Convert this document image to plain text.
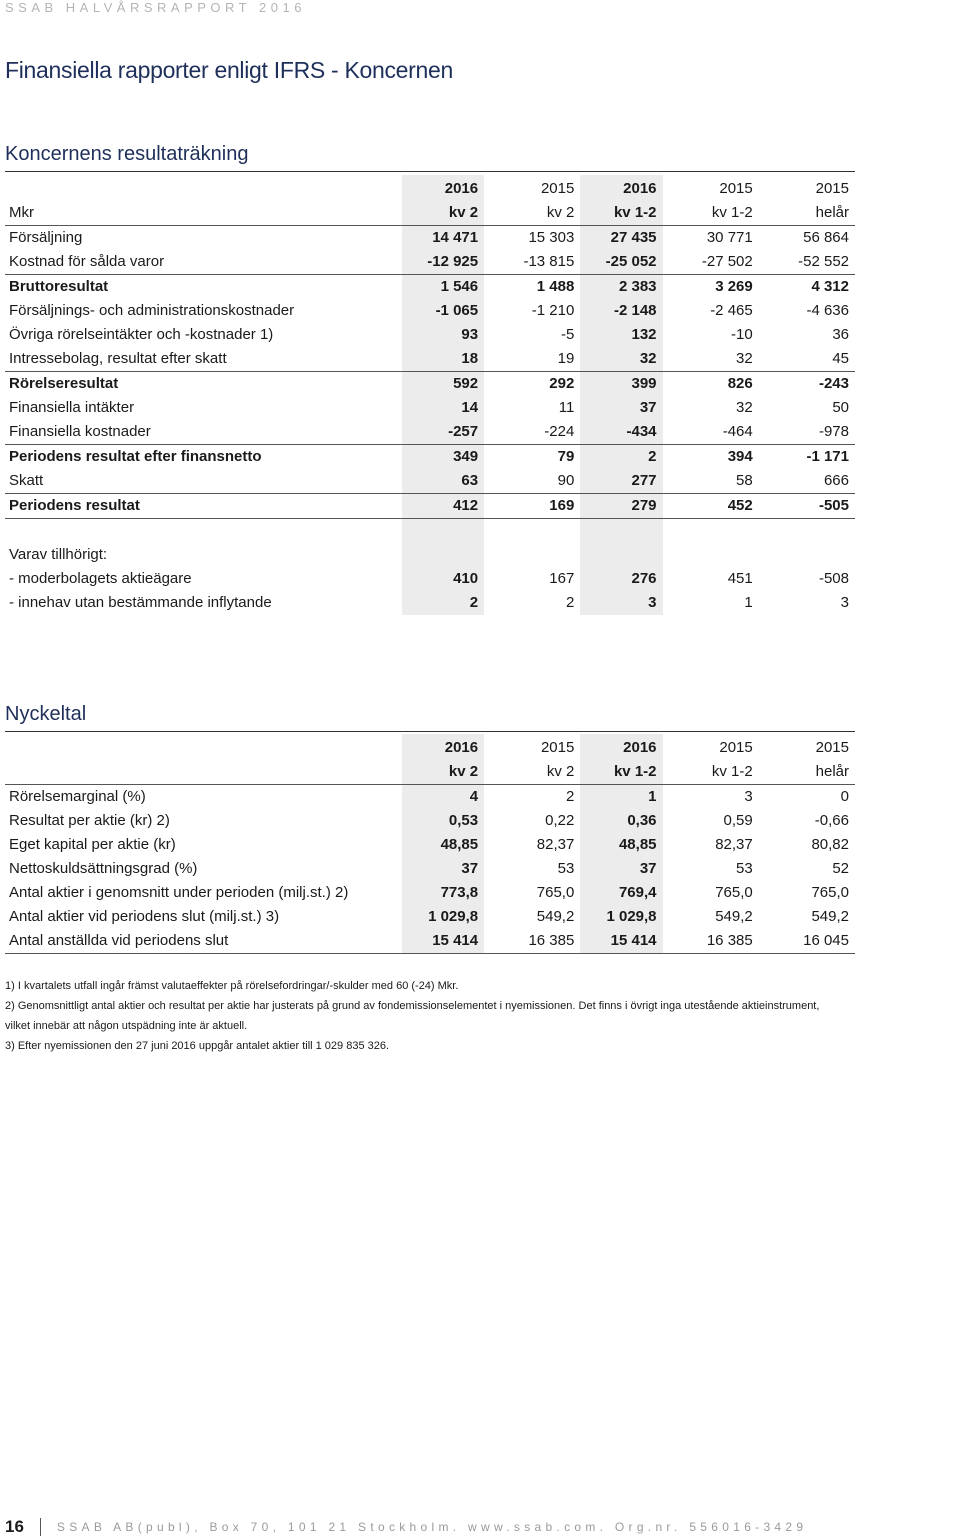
SSAB HALVÅRSRAPPORT 2016
Finansiella rapporter enligt IFRS - Koncernen
Koncernens resultaträkning
	2016	2015	2016	2015	2015
Mkr	kv 2	kv 2	kv 1-2	kv 1-2	helår
Försäljning	14 471	15 303	27 435	30 771	56 864
Kostnad för sålda varor	-12 925	-13 815	-25 052	-27 502	-52 552
Bruttoresultat	1 546	1 488	2 383	3 269	4 312
Försäljnings- och administrationskostnader	-1 065	-1 210	-2 148	-2 465	-4 636
Övriga rörelseintäkter och -kostnader 1)	93	-5	132	-10	36
Intressebolag, resultat efter skatt	18	19	32	32	45
Rörelseresultat	592	292	399	826	-243
Finansiella intäkter	14	11	37	32	50
Finansiella kostnader	-257	-224	-434	-464	-978
Periodens resultat efter finansnetto	349	79	2	394	-1 171
Skatt	63	90	277	58	666
Periodens resultat	412	169	279	452	-505

Varav tillhörigt:					
- moderbolagets aktieägare	410	167	276	451	-508
- innehav utan bestämmande inflytande	2	2	3	1	3
Nyckeltal
	2016	2015	2016	2015	2015
	kv 2	kv 2	kv 1-2	kv 1-2	helår
Rörelsemarginal (%)	4	2	1	3	0
Resultat per aktie (kr) 2)	0,53	0,22	0,36	0,59	-0,66
Eget kapital per aktie (kr)	48,85	82,37	48,85	82,37	80,82
Nettoskuldsättningsgrad (%)	37	53	37	53	52
Antal aktier i genomsnitt under perioden (milj.st.) 2)	773,8	765,0	769,4	765,0	765,0
Antal aktier vid periodens slut (milj.st.) 3)	1 029,8	549,2	1 029,8	549,2	549,2
Antal anställda vid periodens slut	15 414	16 385	15 414	16 385	16 045

1) I kvartalets utfall ingår främst valutaeffekter på rörelsefordringar/-skulder med 60 (-24) Mkr.

2) Genomsnittligt antal aktier och resultat per aktie har justerats på grund av fondemissionselementet i nyemissionen. Det finns i övrigt inga utestående aktieinstrument,

vilket innebär att någon utspädning inte är aktuell.

3) Efter nyemissionen den 27 juni 2016 uppgår antalet aktier till 1 029 835 326.

16	SSAB AB(publ), Box 70, 101 21 Stockholm. www.ssab.com. Org.nr. 556016-3429
